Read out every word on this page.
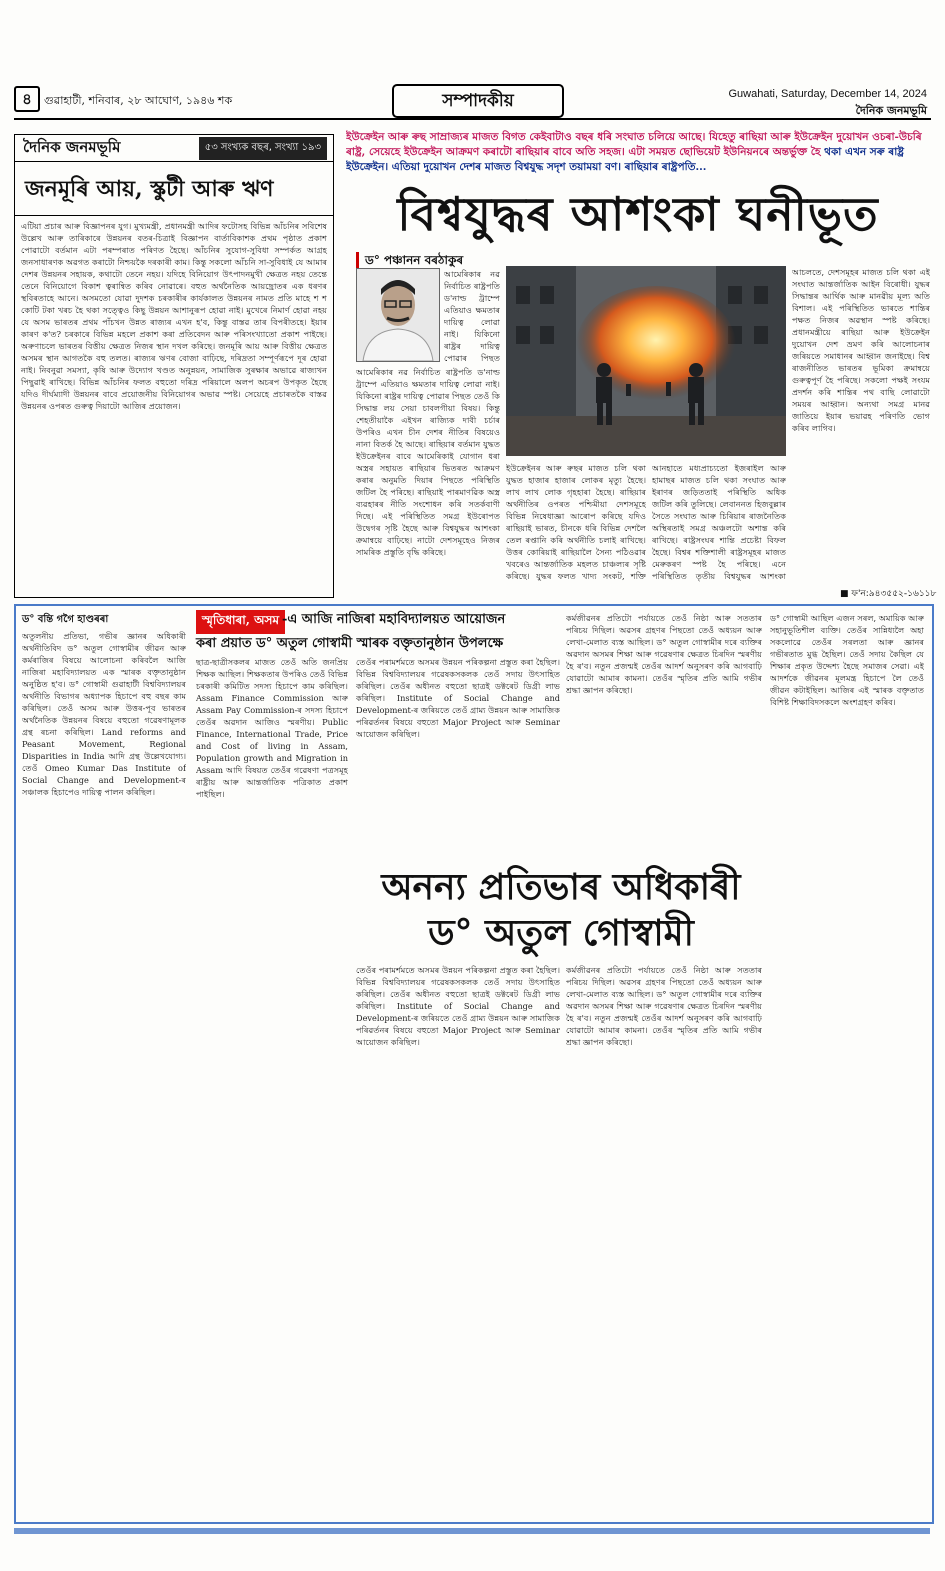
৪	গুৱাহাটী, শনিবাৰ, ২৮ আঘোণ, ১৯৪৬ শক	সম্পাদকীয়	Guwahati, Saturday, December 14, 2024
দৈনিক জনমভূমি
দৈনিক জনমভূমি	৫৩ সংখ্যক বছৰ, সংখ্যা ১৯৩
জনমূৰি আয়, স্কুটী আৰু ঋণ
এটিয়া প্ৰচাৰ আৰু বিজ্ঞাপনৰ যুগ। মুখ্যমন্ত্ৰী, প্ৰধানমন্ত্ৰী আদিৰ ফটোসহ বিভিন্ন আঁচনিৰ সবিশেষ উল্লেখ আৰু তাৰিকাৰে উন্নয়নৰ বতৰ-চিত্ৰাই বিজ্ঞাপন বাৰ্তাবিকাশক প্ৰথম পৃষ্ঠাত প্ৰকাশ পোৱাটো বৰ্তমান এটা পৰম্পৰাত পৰিণত হৈছে। আঁচনিৰ সুযোগ-সুবিধা সম্পৰ্কত আগ্ৰহ জনসাধাৰণক অৱগত কৰাটো নিশ্চয়কৈ দৰকাৰী কাম। কিন্তু সকলো আঁচনি সা-সুবিধাই যে আমাৰ দেশৰ উন্নয়নৰ সহায়ক, কথাটো তেনে নহয়। যদিহে বিনিয়োগ উৎপাদনমুখী ক্ষেত্ৰত নহয় তেন্তে তেনে বিনিয়োগে বিকাশ ত্বৰান্বিত কৰিব নোৱাৰে। বহুত অৰ্থনৈতিক আয়ছ্ৰোতৰ এক ধৰণৰ স্থবিৰতাহে আনে। অসমতো যোৱা দুদশক চৰকাৰীৰ কাৰ্যকালত উন্নয়নৰ নামত প্ৰতি মাহে শ শ কোটি টকা খৰচ হৈ থকা সত্ত্বেও কিছু উন্নয়ন আশানুৰূপ হোৱা নাই। মুখেৰে নিমাৰ্ণ হোৱা নহয় যে অসম ভাৰতৰ প্ৰথম পাঁচখন উন্নত ৰাজ্যৰ এখন হ'ব, কিন্তু বাস্তৱ তাৰ বিপৰীতহে। ইয়াৰ কাৰণ ক'ত? চৰকাৰে বিভিন্ন মহলে প্ৰকাশ কৰা প্ৰতিবেদন আৰু পৰিসংখ্যাতো প্ৰকাশ পাইছে। অৰুণাচলে ভাৰতৰ বিত্তীয় ক্ষেত্ৰত নিজৰ স্থান দখল কৰিছে। জনমূৰি আয় আৰু বিত্তীয় ক্ষেত্ৰত অসমৰ স্থান আগতকৈ বহু তলত। ৰাজ্যৰ ঋণৰ বোজা বাঢ়িছে, দৰিদ্ৰতা সম্পূৰ্ণৰূপে দূৰ হোৱা নাই। নিবনুৱা সমস্যা, কৃষি আৰু উদ্যোগ খণ্ডত অনুন্নয়ন, সামাজিক সুৰক্ষাৰ অভাৱে ৰাজ্যখন পিছুৱাই ৰাখিছে। বিভিন্ন আঁচনিৰ ফলত বহুতো দৰিদ্ৰ পৰিয়ালে অলপ অচৰপ উপকৃত হৈছে যদিও দীৰ্ঘম্যাদী উন্নয়নৰ বাবে প্ৰয়োজনীয় বিনিয়োগৰ অভাৱ স্পষ্ট। সেয়েহে প্ৰচাৰতকৈ বাস্তৱ উন্নয়নৰ ওপৰত গুৰুত্ব দিয়াটো আজিৰ প্ৰয়োজন।
ইউক্ৰেইন আৰু ৰুছ সাম্ৰাজ্যৰ মাজত বিগত কেইবাটাও বছৰ ধৰি সংঘাত চলিয়ে আছে। যিহেতু ৰাছিয়া আৰু ইউক্ৰেইন দুয়োখন ওচৰা-উচৰি ৰাষ্ট্ৰ, সেয়েহে ইউক্ৰেইন আক্ৰমণ কৰাটো ৰাছিয়াৰ বাবে অতি সহজ। এটা সময়ত ছোভিয়েট ইউনিয়নৰে অন্তৰ্ভুক্ত হৈ থকা এখন সৰু ৰাষ্ট্ৰ ইউক্ৰেইন। এতিয়া দুয়োখন দেশৰ মাজত বিশ্বযুদ্ধ সদৃশ তয়াময়া বণ। ৰাছিয়াৰ ৰাষ্ট্ৰপতি...
বিশ্বযুদ্ধৰ আশংকা ঘনীভূত
ড° পঞ্চানন বৰঠাকুৰ
আমেৰিকাৰ নৱ নিৰ্বাচিত ৰাষ্ট্ৰপতি ড'নাল্ড ট্ৰাম্পে এতিয়াও ক্ষমতাৰ দায়িত্ব লোৱা নাই। যিকিনো ৰাষ্ট্ৰৰ দায়িত্ব পোৱাৰ পিছত
আমেৰিকাৰ নৱ নিৰ্বাচিত ৰাষ্ট্ৰপতি ড'নাল্ড ট্ৰাম্পে এতিয়াও ক্ষমতাৰ দায়িত্ব লোৱা নাই। যিকিনো ৰাষ্ট্ৰৰ দায়িত্ব পোৱাৰ পিছত তেওঁ কি সিদ্ধান্ত লয় সেয়া চাবলগীয়া বিষয়। কিন্তু শেহতীয়াকৈ এইখন ৰাজ্যিক দাবী চৰ্চাৰ উপৰিও এখন চীন দেশৰ নীতিৰ বিষয়েও নানা বিতৰ্ক হৈ আছে। ৰাছিয়াৰ বৰ্তমান যুদ্ধত ইউক্ৰেইনৰ বাবে আমেৰিকাই যোগান ধৰা অস্ত্ৰৰ সহায়ত ৰাছিয়াৰ ভিতৰত আক্ৰমণ কৰাৰ অনুমতি দিয়াৰ পিছতে পৰিস্থিতি জটিল হৈ পৰিছে। ৰাছিয়াই পাৰমাণৱিক অস্ত্ৰ ব্যৱহাৰৰ নীতি সংশোধন কৰি সতৰ্কবাণী দিছে। এই পৰিস্থিতিত সমগ্ৰ ইউৰোপত উদ্বেগৰ সৃষ্টি হৈছে আৰু বিশ্বযুদ্ধৰ আশংকা ক্ৰমান্বয়ে বাঢ়িছে। নাটো দেশসমূহেও নিজৰ সামৰিক প্ৰস্তুতি বৃদ্ধি কৰিছে।
ইউক্ৰেইনৰ আৰু ৰুছৰ মাজত চলি থকা যুদ্ধত হাজাৰ হাজাৰ লোকৰ মৃত্যু হৈছে। লাখ লাখ লোক গৃহহাৰা হৈছে। ৰাছিয়াৰ অৰ্থনীতিৰ ওপৰত পশ্চিমীয়া দেশসমূহে বিভিন্ন নিষেধাজ্ঞা আৰোপ কৰিছে যদিও ৰাছিয়াই ভাৰত, চীনকে ধৰি বিভিন্ন দেশলৈ তেল ৰপ্তানি কৰি অৰ্থনীতি চলাই ৰাখিছে। উত্তৰ কোৰিয়াই ৰাছিয়ালৈ সৈন্য পঠিওৱাৰ খবৰেও আন্তৰ্জাতিক মহলত চাঞ্চল্যৰ সৃষ্টি কৰিছে। যুদ্ধৰ ফলত খাদ্য সংকট, শক্তি
আনহাতে মধ্যপ্ৰাচ্যতো ইজৰাইল আৰু হামাছৰ মাজত চলি থকা সংঘাত আৰু ইৰাণৰ জড়িততাই পৰিস্থিতি অধিক জটিল কৰি তুলিছে। লেবাননত হিজবুল্লাৰ সৈতে সংঘাত আৰু চিৰিয়াৰ ৰাজনৈতিক অস্থিৰতাই সমগ্ৰ অঞ্চলটো অশান্ত কৰি ৰাখিছে। ৰাষ্ট্ৰসংঘৰ শান্তি প্ৰচেষ্টা বিফল হৈছে। বিশ্বৰ শক্তিশালী ৰাষ্ট্ৰসমূহৰ মাজত মেৰুকৰণ স্পষ্ট হৈ পৰিছে। এনে পৰিস্থিতিত তৃতীয় বিশ্বযুদ্ধৰ আশংকা
আচলতে, দেশসমূহৰ মাজত চলি থকা এই সংঘাত আন্তৰ্জাতিক আইন বিৰোধী। যুদ্ধৰ সিদ্ধান্তৰ আৰ্থিক আৰু মানৱীয় মূল্য অতি বিশাল। এই পৰিস্থিতিত ভাৰতে শান্তিৰ পক্ষত নিজৰ অৱস্থান স্পষ্ট কৰিছে। প্ৰধানমন্ত্ৰীয়ে ৰাছিয়া আৰু ইউক্ৰেইন দুয়োখন দেশ ভ্ৰমণ কৰি আলোচনাৰ জৰিয়তে সমাধানৰ আহ্বান জনাইছে। বিশ্ব ৰাজনীতিত ভাৰতৰ ভূমিকা ক্ৰমান্বয়ে গুৰুত্বপূৰ্ণ হৈ পৰিছে। সকলো পক্ষই সংযম প্ৰদৰ্শন কৰি শান্তিৰ পথ বাছি লোৱাটো সময়ৰ আহ্বান। অন্যথা সমগ্ৰ মানৱ জাতিয়ে ইয়াৰ ভয়াৱহ পৰিণতি ভোগ কৰিব লাগিব।
■ ফ'ন:৯৪৩৫৫২-১৬১১৮
ড° বন্তি গগৈ হাণ্ডৰৰা	স্মৃতিধাৰা, অসম -এ আজি নাজিৰা মহাবিদ্যালয়ত আয়োজন
কৰা প্ৰয়াত ড° অতুল গোস্বামী স্মাৰক বক্তৃতানুষ্ঠান উপলক্ষে
অতুলনীয় প্ৰতিভা, গভীৰ জ্ঞানৰ অধিকাৰী অৰ্থনীতিবিদ ড° অতুল গোস্বামীৰ জীৱন আৰু কৰ্মৰাজিৰ বিষয়ে আলোচনা কৰিবলৈ আজি নাজিৰা মহাবিদ্যালয়ত এক স্মাৰক বক্তৃতানুষ্ঠান অনুষ্ঠিত হ'ব। ড° গোস্বামী গুৱাহাটী বিশ্ববিদ্যালয়ৰ অৰ্থনীতি বিভাগৰ অধ্যাপক হিচাপে বহু বছৰ কাম কৰিছিল। তেওঁ অসম আৰু উত্তৰ-পূব ভাৰতৰ অৰ্থনৈতিক উন্নয়নৰ বিষয়ে বহুতো গৱেষণামূলক গ্ৰন্থ ৰচনা কৰিছিল। Land reforms and Peasant Movement, Regional Disparities in India আদি গ্ৰন্থ উল্লেখযোগ্য। তেওঁ Omeo Kumar Das Institute of Social Change and Development-ৰ সঞ্চালক হিচাপেও দায়িত্ব পালন কৰিছিল।
ছাত্ৰ-ছাত্ৰীসকলৰ মাজত তেওঁ অতি জনপ্ৰিয় শিক্ষক আছিল। শিক্ষকতাৰ উপৰিও তেওঁ বিভিন্ন চৰকাৰী কমিটিত সদস্য হিচাপে কাম কৰিছিল। Assam Finance Commission আৰু Assam Pay Commission-ৰ সদস্য হিচাপে তেওঁৰ অৱদান আজিও স্মৰণীয়। Public Finance, International Trade, Price and Cost of living in Assam, Population growth and Migration in Assam আদি বিষয়ত তেওঁৰ গৱেষণা পত্ৰসমূহ ৰাষ্ট্ৰীয় আৰু আন্তৰ্জাতিক পত্ৰিকাত প্ৰকাশ পাইছিল।
তেওঁৰ পৰামৰ্শমতে অসমৰ উন্নয়ন পৰিকল্পনা প্ৰস্তুত কৰা হৈছিল। বিভিন্ন বিশ্ববিদ্যালয়ৰ গৱেষকসকলক তেওঁ সদায় উৎসাহিত কৰিছিল। তেওঁৰ অধীনত বহুতো ছাত্ৰই ডক্টৰেট ডিগ্ৰী লাভ কৰিছিল। Institute of Social Change and Development-ৰ জৰিয়তে তেওঁ গ্ৰাম্য উন্নয়ন আৰু সামাজিক পৰিৱৰ্তনৰ বিষয়ে বহুতো Major Project আৰু Seminar আয়োজন কৰিছিল।
কৰ্মজীৱনৰ প্ৰতিটো পৰ্যায়তে তেওঁ নিষ্ঠা আৰু সততাৰ পৰিচয় দিছিল। অৱসৰ গ্ৰহণৰ পিছতো তেওঁ অধ্যয়ন আৰু লেখা-মেলাত ব্যস্ত আছিল। ড° অতুল গোস্বামীৰ দৰে ব্যক্তিৰ অৱদান অসমৰ শিক্ষা আৰু গৱেষণাৰ ক্ষেত্ৰত চিৰদিন স্মৰণীয় হৈ ৰ'ব। নতুন প্ৰজন্মই তেওঁৰ আদৰ্শ অনুসৰণ কৰি আগবাঢ়ি যোৱাটো আমাৰ কামনা। তেওঁৰ স্মৃতিৰ প্ৰতি আমি গভীৰ শ্ৰদ্ধা জ্ঞাপন কৰিছো।
অনন্য প্ৰতিভাৰ অধিকাৰী
ড° অতুল গোস্বামী
তেওঁৰ পৰামৰ্শমতে অসমৰ উন্নয়ন পৰিকল্পনা প্ৰস্তুত কৰা হৈছিল। বিভিন্ন বিশ্ববিদ্যালয়ৰ গৱেষকসকলক তেওঁ সদায় উৎসাহিত কৰিছিল। তেওঁৰ অধীনত বহুতো ছাত্ৰই ডক্টৰেট ডিগ্ৰী লাভ কৰিছিল। Institute of Social Change and Development-ৰ জৰিয়তে তেওঁ গ্ৰাম্য উন্নয়ন আৰু সামাজিক পৰিৱৰ্তনৰ বিষয়ে বহুতো Major Project আৰু Seminar আয়োজন কৰিছিল।
কৰ্মজীৱনৰ প্ৰতিটো পৰ্যায়তে তেওঁ নিষ্ঠা আৰু সততাৰ পৰিচয় দিছিল। অৱসৰ গ্ৰহণৰ পিছতো তেওঁ অধ্যয়ন আৰু লেখা-মেলাত ব্যস্ত আছিল। ড° অতুল গোস্বামীৰ দৰে ব্যক্তিৰ অৱদান অসমৰ শিক্ষা আৰু গৱেষণাৰ ক্ষেত্ৰত চিৰদিন স্মৰণীয় হৈ ৰ'ব। নতুন প্ৰজন্মই তেওঁৰ আদৰ্শ অনুসৰণ কৰি আগবাঢ়ি যোৱাটো আমাৰ কামনা। তেওঁৰ স্মৃতিৰ প্ৰতি আমি গভীৰ শ্ৰদ্ধা জ্ঞাপন কৰিছো।
ড° গোস্বামী আছিল এজন সৰল, অমায়িক আৰু সহানুভূতিশীল ব্যক্তি। তেওঁৰ সান্নিধ্যলৈ অহা সকলোৱে তেওঁৰ সৰলতা আৰু জ্ঞানৰ গভীৰতাত মুগ্ধ হৈছিল। তেওঁ সদায় কৈছিল যে শিক্ষাৰ প্ৰকৃত উদ্দেশ্য হৈছে সমাজৰ সেৱা। এই আদৰ্শকে জীৱনৰ মূলমন্ত্ৰ হিচাপে লৈ তেওঁ জীৱন কটাইছিল। আজিৰ এই স্মাৰক বক্তৃতাত বিশিষ্ট শিক্ষাবিদসকলে অংশগ্ৰহণ কৰিব।
